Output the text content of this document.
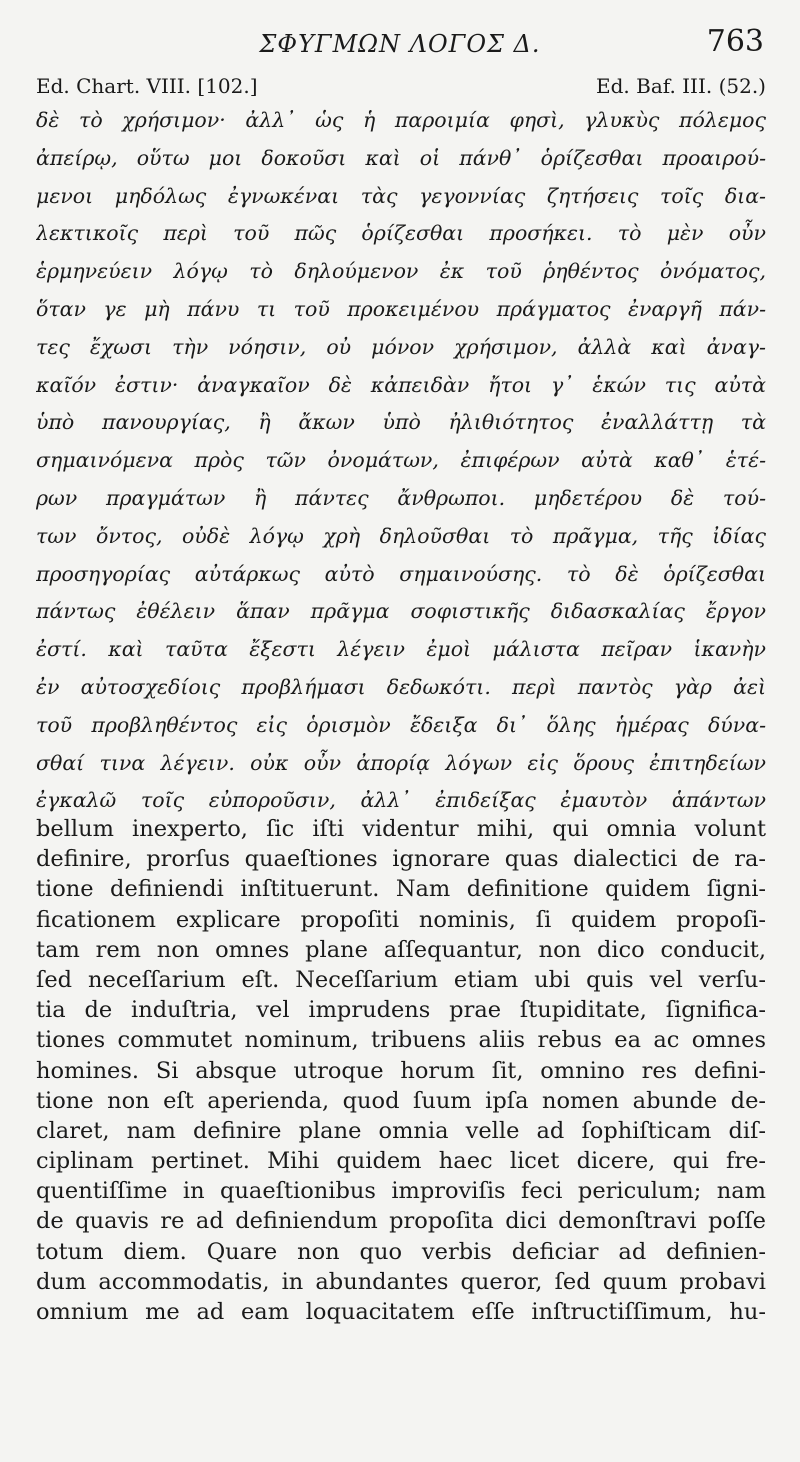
ΣΦΥΓΜΩΝ ΛΟΓΟΣ Δ.	763
Ed. Chart. VIII. [102.]	Ed. Baf. III. (52.)
δὲ τὸ χρήσιμον· ἀλλ᾽ ὡς ἡ παροιμία φησὶ, γλυκὺς πόλεμος
ἀπείρῳ, οὕτω μοι δοκοῦσι καὶ οἱ πάνθ᾽ ὁρίζεσθαι προαιρού-
μενοι μηδόλως ἐγνωκέναι τὰς γεγοννίας ζητήσεις τοῖς δια-
λεκτικοῖς περὶ τοῦ πῶς ὁρίζεσθαι προσήκει. τὸ μὲν οὖν
ἑρμηνεύειν λόγῳ τὸ δηλούμενον ἐκ τοῦ ῥηθέντος ὀνόματος,
ὅταν γε μὴ πάνυ τι τοῦ προκειμένου πράγματος ἐναργῆ πάν-
τες ἔχωσι τὴν νόησιν, οὐ μόνον χρήσιμον, ἀλλὰ καὶ ἀναγ-
καῖόν ἐστιν· ἀναγκαῖον δὲ κἀπειδὰν ἤτοι γ᾽ ἑκών τις αὐτὰ
ὑπὸ πανουργίας, ἢ ἄκων ὑπὸ ἠλιθιότητος ἐναλλάττῃ τὰ
σημαινόμενα πρὸς τῶν ὀνομάτων, ἐπιφέρων αὐτὰ καθ᾽ ἑτέ-
ρων πραγμάτων ἢ πάντες ἄνθρωποι. μηδετέρου δὲ τού-
των ὄντος, οὐδὲ λόγῳ χρὴ δηλοῦσθαι τὸ πρᾶγμα, τῆς ἰδίας
προσηγορίας αὐτάρκως αὐτὸ σημαινούσης. τὸ δὲ ὁρίζεσθαι
πάντως ἐθέλειν ἅπαν πρᾶγμα σοφιστικῆς διδασκαλίας ἔργον
ἐστί. καὶ ταῦτα ἔξεστι λέγειν ἐμοὶ μάλιστα πεῖραν ἱκανὴν
ἐν αὐτοσχεδίοις προβλήμασι δεδωκότι. περὶ παντὸς γὰρ ἀεὶ
τοῦ προβληθέντος εἰς ὁρισμὸν ἔδειξα δι᾽ ὅλης ἡμέρας δύνα-
σθαί τινα λέγειν. οὐκ οὖν ἀπορίᾳ λόγων εἰς ὅρους ἐπιτηδείων
ἐγκαλῶ τοῖς εὐποροῦσιν, ἀλλ᾽ ἐπιδείξας ἐμαυτὸν ἁπάντων
bellum inexperto, ſic iſti videntur mihi, qui omnia volunt
definire, prorſus quaeſtiones ignorare quas dialectici de ra-
tione definiendi inſtituerunt. Nam definitione quidem ſigni-
ficationem explicare propoſiti nominis, ſi quidem propoſi-
tam rem non omnes plane aſſequantur, non dico conducit,
ſed neceſſarium eſt. Neceſſarium etiam ubi quis vel verſu-
tia de induſtria, vel imprudens prae ſtupiditate, ſignifica-
tiones commutet nominum, tribuens aliis rebus ea ac omnes
homines. Si absque utroque horum ſit, omnino res defini-
tione non eſt aperienda, quod ſuum ipſa nomen abunde de-
claret, nam definire plane omnia velle ad ſophiſticam diſ-
ciplinam pertinet. Mihi quidem haec licet dicere, qui fre-
quentiſſime in quaeſtionibus improviſis feci periculum; nam
de quavis re ad definiendum propoſita dici demonſtravi poſſe
totum diem. Quare non quo verbis deficiar ad definien-
dum accommodatis, in abundantes queror, ſed quum probavi
omnium me ad eam loquacitatem eſſe inſtructiſſimum, hu-
